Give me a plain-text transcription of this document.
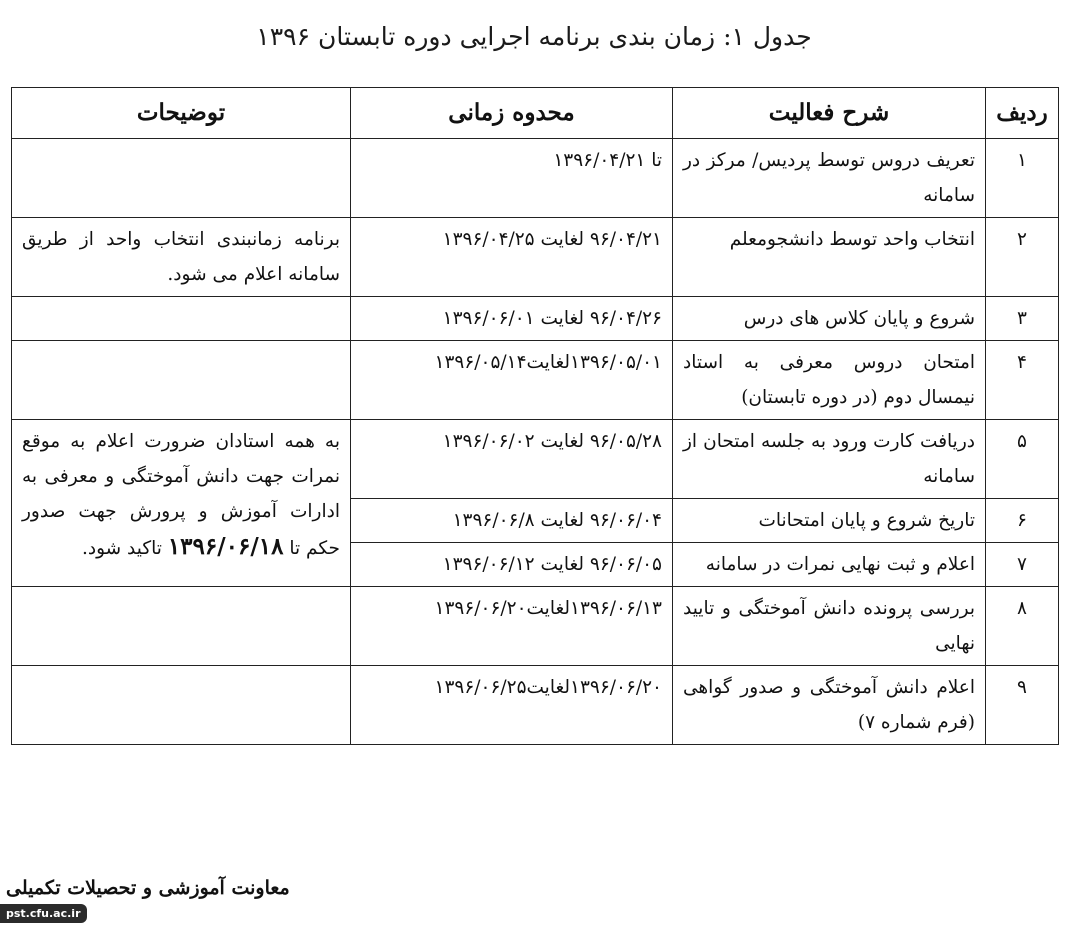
جدول ۱: زمان بندی برنامه اجرایی دوره تابستان ۱۳۹۶
ردیف	شرح فعالیت	محدوه زمانی	توضیحات
۱	تعریف دروس توسط پردیس/ مرکز در سامانه	تا ۱۳۹۶/۰۴/۲۱	
۲	انتخاب واحد توسط دانشجومعلم	۹۶/۰۴/۲۱ لغایت ۱۳۹۶/۰۴/۲۵	برنامه زمانبندی انتخاب واحد از طریق سامانه اعلام می شود.
۳	شروع و پایان کلاس های درس	۹۶/۰۴/۲۶ لغایت ۱۳۹۶/۰۶/۰۱	
۴	امتحان دروس معرفی به استاد نیمسال دوم (در دوره تابستان)	۱۳۹۶/۰۵/۰۱لغایت۱۳۹۶/۰۵/۱۴	
۵	دریافت کارت ورود به جلسه امتحان از سامانه	۹۶/۰۵/۲۸ لغایت ۱۳۹۶/۰۶/۰۲	به همه استادان ضرورت اعلام به موقع نمرات جهت دانش آموختگی و معرفی به ادارات آموزش و پرورش جهت صدور حکم تا ۱۳۹۶/۰۶/۱۸ تاکید شود.
۶	تاریخ شروع و پایان امتحانات	۹۶/۰۶/۰۴ لغایت ۱۳۹۶/۰۶/۸	
۷	اعلام و ثبت نهایی نمرات در سامانه	۹۶/۰۶/۰۵ لغایت ۱۳۹۶/۰۶/۱۲	
۸	بررسی پرونده دانش آموختگی و تایید نهایی	۱۳۹۶/۰۶/۱۳لغایت۱۳۹۶/۰۶/۲۰	
۹	اعلام دانش آموختگی و صدور گواهی (فرم شماره ۷)	۱۳۹۶/۰۶/۲۰لغایت۱۳۹۶/۰۶/۲۵	
معاونت آموزشی و تحصیلات تکمیلی
pst.cfu.ac.ir
